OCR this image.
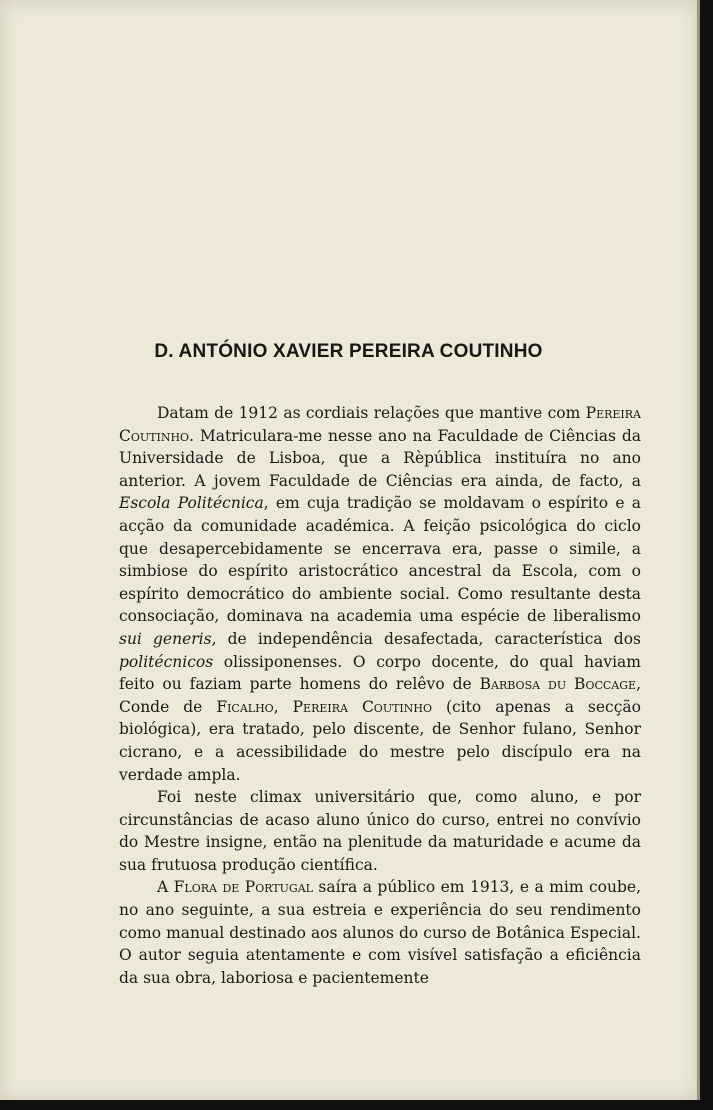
D. ANTÓNIO XAVIER PEREIRA COUTINHO

Datam de 1912 as cordiais relações que mantive com Pereira Coutinho. Matriculara-me nesse ano na Faculdade de Ciências da Universidade de Lisboa, que a Rèpública instituíra no ano anterior. A jovem Faculdade de Ciências era ainda, de facto, a Escola Politécnica, em cuja tradição se moldavam o espírito e a acção da comunidade académica. A feição psicológica do ciclo que desapercebidamente se encerrava era, passe o simile, a simbiose do espírito aristocrático ancestral da Escola, com o espírito democrático do ambiente social. Como resultante desta consociação, dominava na academia uma espécie de liberalismo sui generis, de independência desafectada, característica dos politécnicos olissiponenses. O corpo docente, do qual haviam feito ou faziam parte homens do relêvo de Barbosa du Boccage, Conde de Ficalho, Pereira Coutinho (cito apenas a secção biológica), era tratado, pelo discente, de Senhor fulano, Senhor cicrano, e a acessibilidade do mestre pelo discípulo era na verdade ampla.

Foi neste climax universitário que, como aluno, e por circunstâncias de acaso aluno único do curso, entrei no convívio do Mestre insigne, então na plenitude da maturidade e acume da sua frutuosa produção científica.

A Flora de Portugal saíra a público em 1913, e a mim coube, no ano seguinte, a sua estreia e experiência do seu rendimento como manual destinado aos alunos do curso de Botânica Especial. O autor seguia atentamente e com visível satisfação a eficiência da sua obra, laboriosa e pacientemente
